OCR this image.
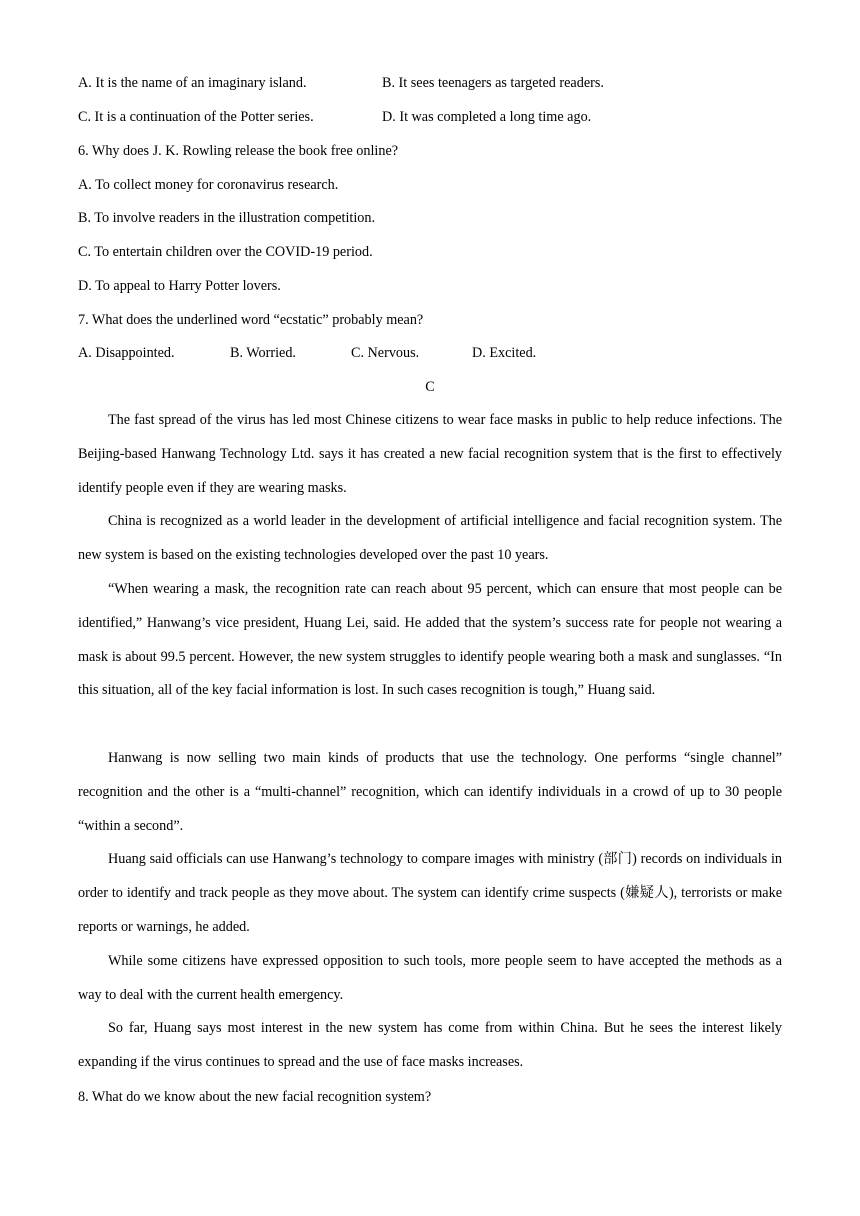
A. It is the name of an imaginary island.	B. It sees teenagers as targeted readers.
C. It is a continuation of the Potter series.	D. It was completed a long time ago.
6. Why does J. K. Rowling release the book free online?
A. To collect money for coronavirus research.
B. To involve readers in the illustration competition.
C. To entertain children over the COVID-19 period.
D. To appeal to Harry Potter lovers.
7. What does the underlined word “ecstatic” probably mean?
A. Disappointed.	B. Worried.	C. Nervous.	D. Excited.
C

The fast spread of the virus has led most Chinese citizens to wear face masks in public to help reduce infections. The Beijing-based Hanwang Technology Ltd. says it has created a new facial recognition system that is the first to effectively identify people even if they are wearing masks.

China is recognized as a world leader in the development of artificial intelligence and facial recognition system. The new system is based on the existing technologies developed over the past 10 years.

“When wearing a mask, the recognition rate can reach about 95 percent, which can ensure that most people can be identified,” Hanwang’s vice president, Huang Lei, said. He added that the system’s success rate for people not wearing a mask is about 99.5 percent. However, the new system struggles to identify people wearing both a mask and sunglasses. “In this situation, all of the key facial information is lost. In such cases recognition is tough,” Huang said.

Hanwang is now selling two main kinds of products that use the technology. One performs “single channel” recognition and the other is a “multi-channel” recognition, which can identify individuals in a crowd of up to 30 people “within a second”.

Huang said officials can use Hanwang’s technology to compare images with ministry (部门) records on individuals in order to identify and track people as they move about. The system can identify crime suspects (嫌疑人), terrorists or make reports or warnings, he added.

While some citizens have expressed opposition to such tools, more people seem to have accepted the methods as a way to deal with the current health emergency.

So far, Huang says most interest in the new system has come from within China. But he sees the interest likely expanding if the virus continues to spread and the use of face masks increases.

8. What do we know about the new facial recognition system?
